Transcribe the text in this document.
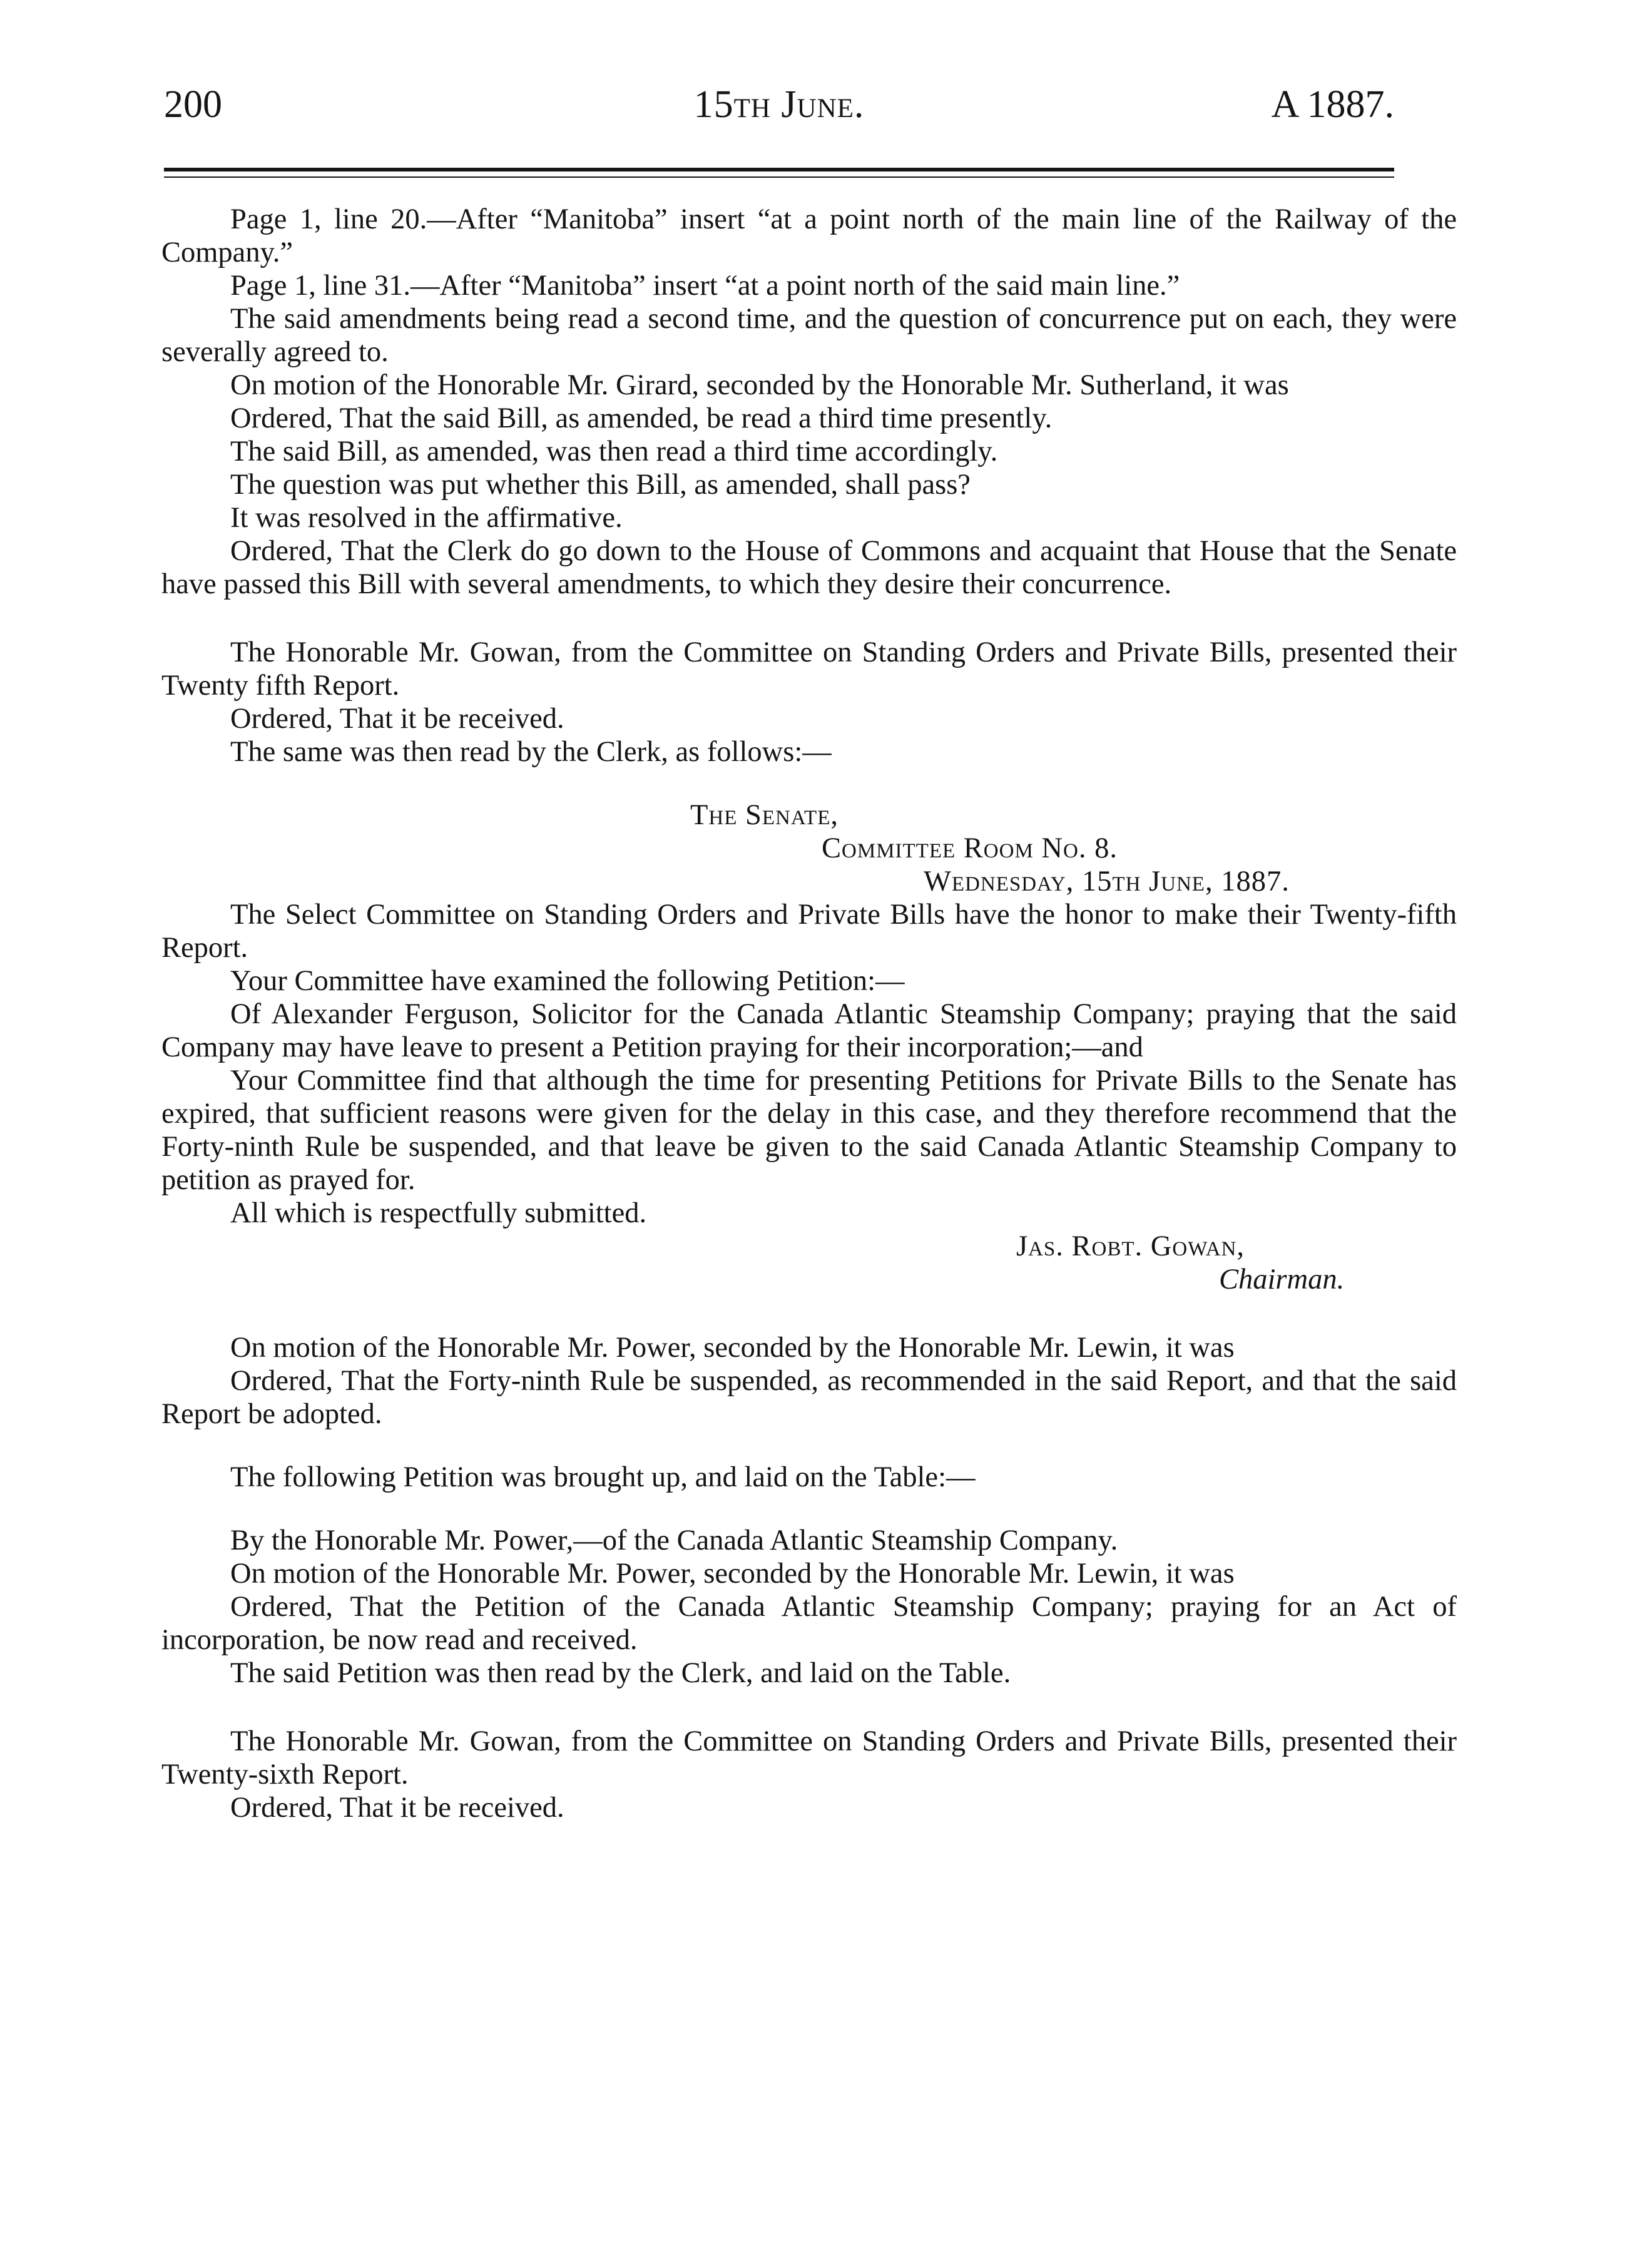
200	15th June.	A 1887.

Page 1, line 20.—After “Manitoba” insert “at a point north of the main line of the Railway of the Company.”

Page 1, line 31.—After “Manitoba” insert “at a point north of the said main line.”

The said amendments being read a second time, and the question of concurrence put on each, they were severally agreed to.

On motion of the Honorable Mr. Girard, seconded by the Honorable Mr. Sutherland, it was

Ordered, That the said Bill, as amended, be read a third time presently.

The said Bill, as amended, was then read a third time accordingly.

The question was put whether this Bill, as amended, shall pass?

It was resolved in the affirmative.

Ordered, That the Clerk do go down to the House of Commons and acquaint that House that the Senate have passed this Bill with several amendments, to which they desire their concurrence.

The Honorable Mr. Gowan, from the Committee on Standing Orders and Private Bills, presented their Twenty fifth Report.

Ordered, That it be received.

The same was then read by the Clerk, as follows:—

The Senate,

Committee Room No. 8.

Wednesday, 15th June, 1887.

The Select Committee on Standing Orders and Private Bills have the honor to make their Twenty-fifth Report.

Your Committee have examined the following Petition:—

Of Alexander Ferguson, Solicitor for the Canada Atlantic Steamship Company; praying that the said Company may have leave to present a Petition praying for their incorporation;—and

Your Committee find that although the time for presenting Petitions for Private Bills to the Senate has expired, that sufficient reasons were given for the delay in this case, and they therefore recommend that the Forty-ninth Rule be suspended, and that leave be given to the said Canada Atlantic Steamship Company to petition as prayed for.

All which is respectfully submitted.

Jas. Robt. Gowan,

Chairman.

On motion of the Honorable Mr. Power, seconded by the Honorable Mr. Lewin, it was

Ordered, That the Forty-ninth Rule be suspended, as recommended in the said Report, and that the said Report be adopted.

The following Petition was brought up, and laid on the Table:—

By the Honorable Mr. Power,—of the Canada Atlantic Steamship Company.

On motion of the Honorable Mr. Power, seconded by the Honorable Mr. Lewin, it was

Ordered, That the Petition of the Canada Atlantic Steamship Company; praying for an Act of incorporation, be now read and received.

The said Petition was then read by the Clerk, and laid on the Table.

The Honorable Mr. Gowan, from the Committee on Standing Orders and Private Bills, presented their Twenty-sixth Report.

Ordered, That it be received.
